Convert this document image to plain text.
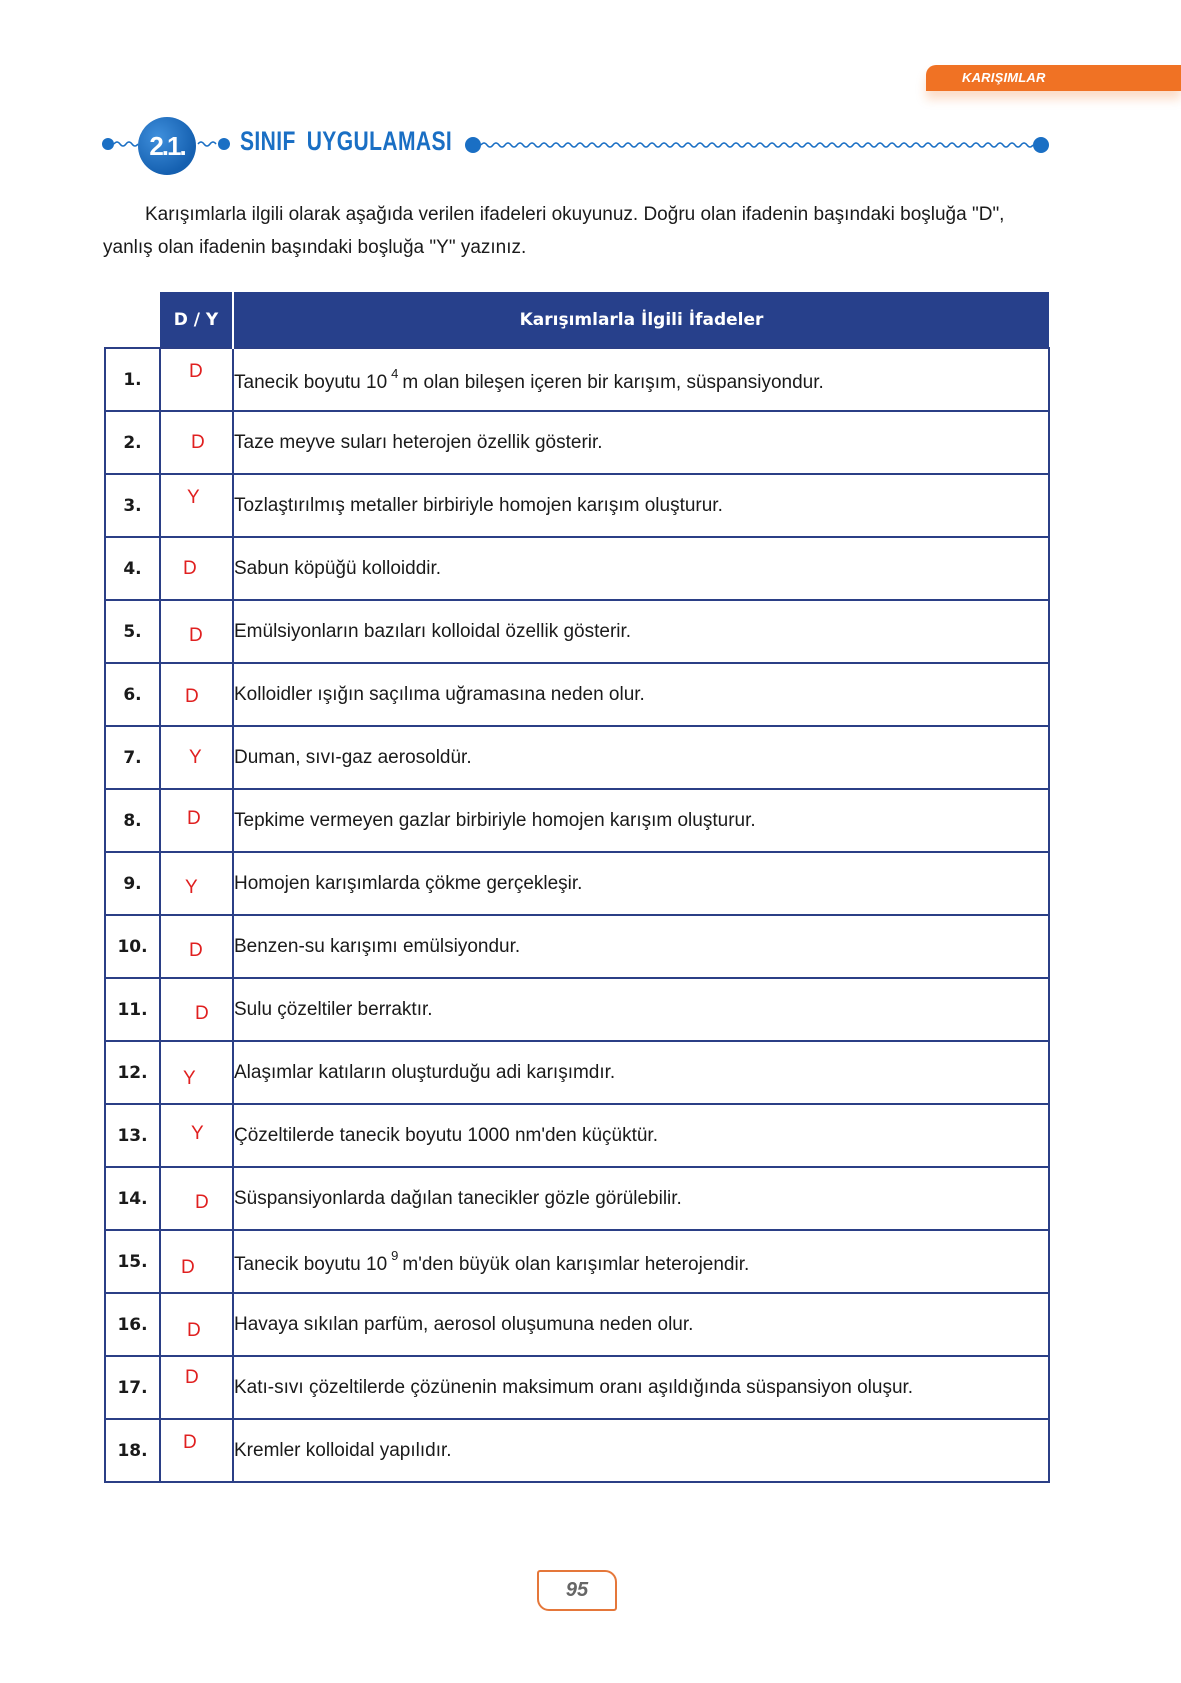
KARIŞIMLAR
2.1.	SINIF UYGULAMASI
Karışımlarla ilgili olarak aşağıda verilen ifadeleri okuyunuz. Doğru olan ifadenin başındaki boşluğa "D", yanlış olan ifadenin başındaki boşluğa "Y" yazınız.
	D / Y	Karışımlarla İlgili İfadeler
1.	D	Tanecik boyutu 10 $^4$ m olan bileşen içeren bir karışım, süspansiyondur.
2.	D	Taze meyve suları heterojen özellik gösterir.
3.	Y	Tozlaştırılmış metaller birbiriyle homojen karışım oluşturur.
4.	D	Sabun köpüğü kolloiddir.
5.	D	Emülsiyonların bazıları kolloidal özellik gösterir.
6.	D	Kolloidler ışığın saçılıma uğramasına neden olur.
7.	Y	Duman, sıvı-gaz aerosoldür.
8.	D	Tepkime vermeyen gazlar birbiriyle homojen karışım oluşturur.
9.	Y	Homojen karışımlarda çökme gerçekleşir.
10.	D	Benzen-su karışımı emülsiyondur.
11.	D	Sulu çözeltiler berraktır.
12.	Y	Alaşımlar katıların oluşturduğu adi karışımdır.
13.	Y	Çözeltilerde tanecik boyutu 1000 nm'den küçüktür.
14.	D	Süspansiyonlarda dağılan tanecikler gözle görülebilir.
15.	D	Tanecik boyutu 10 $^9$ m'den büyük olan karışımlar heterojendir.
16.	D	Havaya sıkılan parfüm, aerosol oluşumuna neden olur.
17.	D	Katı-sıvı çözeltilerde çözünenin maksimum oranı aşıldığında süspansiyon oluşur.
18.	D	Kremler kolloidal yapılıdır.
95
